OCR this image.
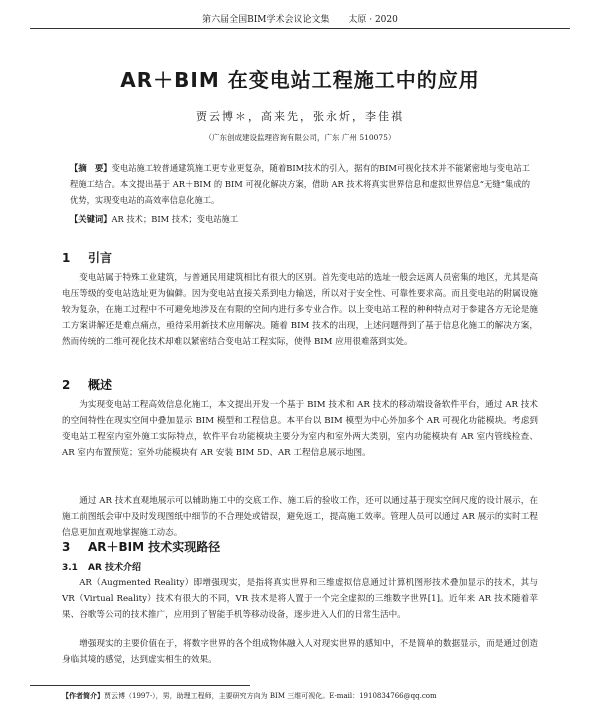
第六届全国BIM学术会议论文集 太原 · 2020
AR＋BIM 在变电站工程施工中的应用
贾云博＊，高来先，张永炘，李佳祺
（广东创成建设监理咨询有限公司，广东 广州 510075）
【摘　要】变电站施工较普通建筑施工更专业更复杂，随着BIM技术的引入，据有的BIM可视化技术并不能紧密地与变电站工程施工结合。本文提出基于 AR＋BIM 的 BIM 可视化解决方案，借助 AR 技术将真实世界信息和虚拟世界信息“无缝”集成的优势，实现变电站的高效率信息化施工。
【关键词】AR 技术；BIM 技术；变电站施工
1 引言
变电站属于特殊工业建筑，与普通民用建筑相比有很大的区别。首先变电站的选址一般会远离人员密集的地区，尤其是高电压等级的变电站选址更为偏僻。因为变电站直接关系到电力输送，所以对于安全性、可靠性要求高。而且变电站的附属设施较为复杂，在施工过程中不可避免地涉及在有限的空间内进行多专业合作。以上变电站工程的种种特点对于参建各方无论是施工方案讲解还是难点痛点，亟待采用新技术应用解决。随着 BIM 技术的出现，上述问题得到了基于信息化施工的解决方案，然而传统的二维可视化技术却难以紧密结合变电站工程实际，使得 BIM 应用很难落到实处。
2 概述
为实现变电站工程高效信息化施工，本文提出开发一个基于 BIM 技术和 AR 技术的移动端设备软件平台，通过 AR 技术的空间特性在现实空间中叠加显示 BIM 模型和工程信息。本平台以 BIM 模型为中心外加多个 AR 可视化功能模块。考虑到变电站工程室内室外施工实际特点，软件平台功能模块主要分为室内和室外两大类别，室内功能模块有 AR 室内管线检查、AR 室内布置预览；室外功能模块有 AR 安装 BIM 5D、AR 工程信息展示地图。
通过 AR 技术直观地展示可以辅助施工中的交底工作、施工后的验收工作，还可以通过基于现实空间尺度的设计展示，在施工前图纸会审中及时发现图纸中细节的不合理处或错误，避免返工，提高施工效率。管理人员可以通过 AR 展示的实时工程信息更加直观地掌握施工动态。
3 AR＋BIM 技术实现路径
3.1 AR 技术介绍
AR（Augmented Reality）即增强现实，是指将真实世界和三维虚拟信息通过计算机图形技术叠加显示的技术，其与 VR（Virtual Reality）技术有很大的不同，VR 技术是将人置于一个完全虚拟的三维数字世界[1]。近年来 AR 技术随着苹果、谷歌等公司的技术推广，应用到了智能手机等移动设备，逐步进入人们的日常生活中。
增强现实的主要价值在于，将数字世界的各个组成物体融入人对现实世界的感知中，不是简单的数据显示，而是通过创造身临其境的感觉，达到虚实相生的效果。
【作者简介】贾云博（1997-），男，助理工程师，主要研究方向为 BIM 三维可视化。E-mail：1910834766@qq.com
